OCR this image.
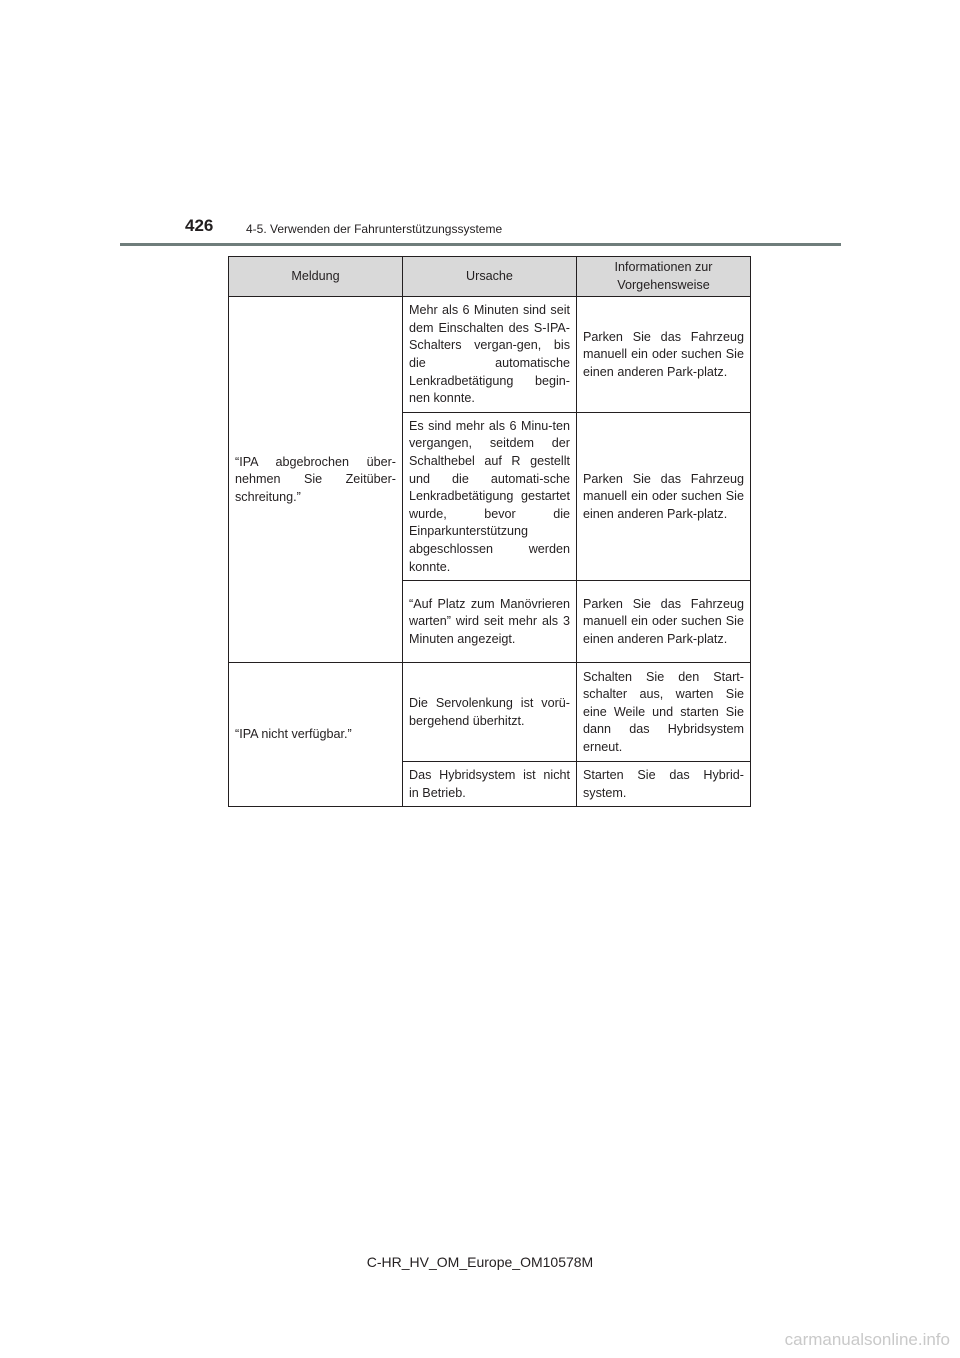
426	4-5. Verwenden der Fahrunterstützungssysteme
Meldung	Ursache	Informationen zur Vorgehensweise
“IPA abgebrochen über-nehmen Sie Zeitüber-schreitung.”	Mehr als 6 Minuten sind seit dem Einschalten des S-IPA-Schalters vergan-gen, bis die automatische Lenkradbetätigung begin-nen konnte.	Parken Sie das Fahrzeug manuell ein oder suchen Sie einen anderen Park-platz.
	Es sind mehr als 6 Minu-ten vergangen, seitdem der Schalthebel auf R gestellt und die automati-sche Lenkradbetätigung gestartet wurde, bevor die Einparkunterstützung abgeschlossen werden konnte.	Parken Sie das Fahrzeug manuell ein oder suchen Sie einen anderen Park-platz.
	“Auf Platz zum Manövrieren warten” wird seit mehr als 3 Minuten angezeigt.	Parken Sie das Fahrzeug manuell ein oder suchen Sie einen anderen Park-platz.
“IPA nicht verfügbar.”	Die Servolenkung ist vorü-bergehend überhitzt.	Schalten Sie den Start-schalter aus, warten Sie eine Weile und starten Sie dann das Hybridsystem erneut.
	Das Hybridsystem ist nicht in Betrieb.	Starten Sie das Hybrid-system.
C-HR_HV_OM_Europe_OM10578M
carmanualsonline.info
